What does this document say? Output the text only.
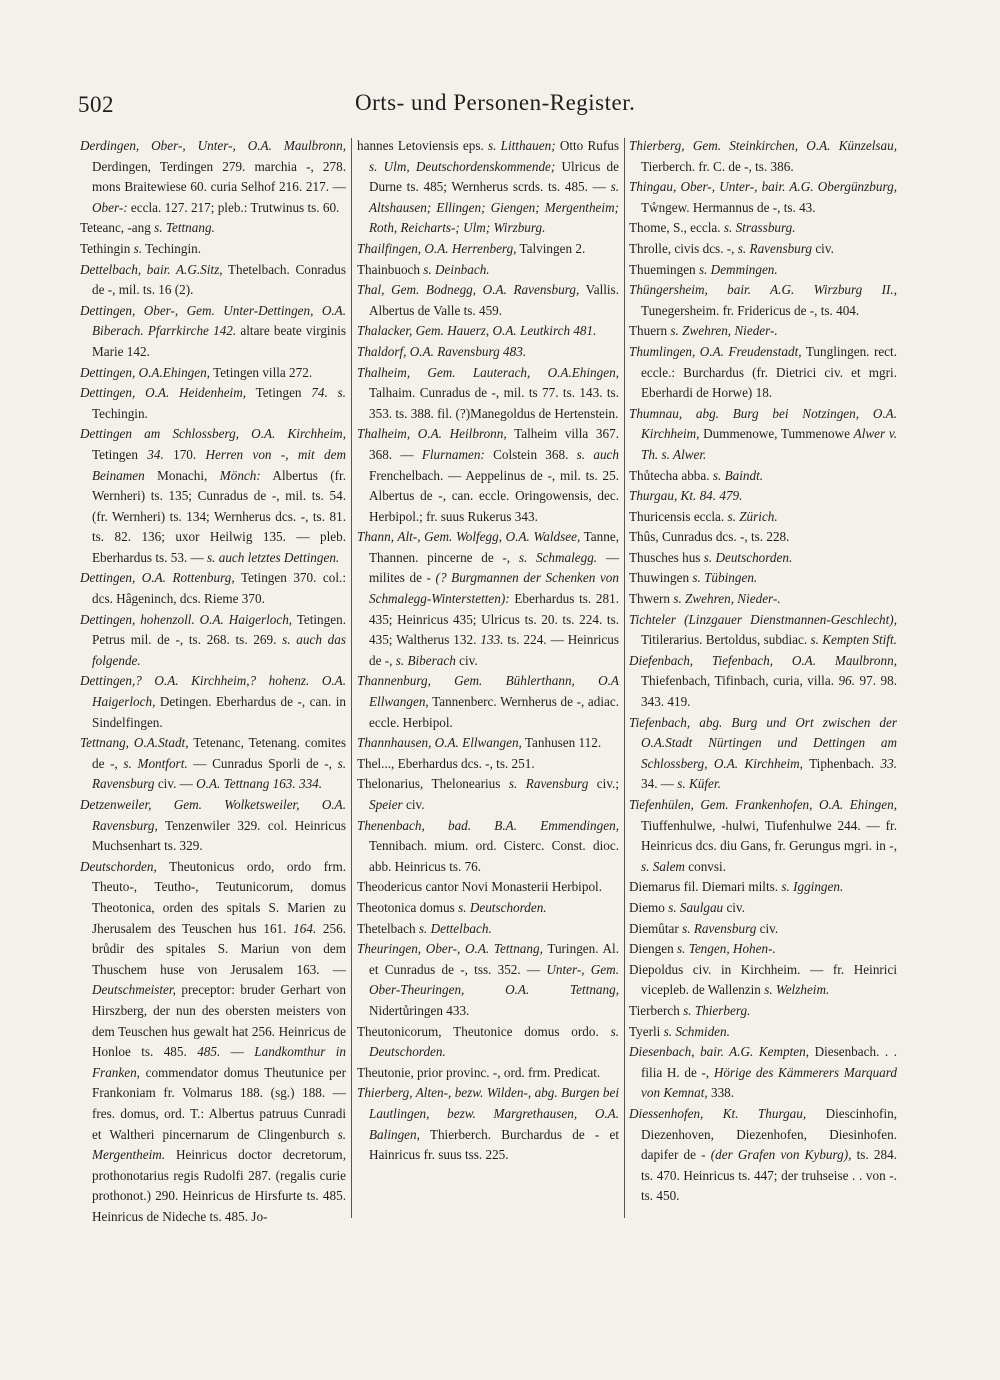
502	Orts- und Personen-Register.

Derdingen, Ober-, Unter-, O.A. Maulbronn, Derdingen, Terdingen 279. marchia -, 278. mons Braitewiese 60. curia Selhof 216. 217. — Ober-: eccla. 127. 217; pleb.: Trutwinus ts. 60.

Teteanc, -ang s. Tettnang.

Tethingin s. Techingin.

Dettelbach, bair. A.G.Sitz, Thetelbach. Conradus de -, mil. ts. 16 (2).

Dettingen, Ober-, Gem. Unter-Dettingen, O.A. Biberach. Pfarrkirche 142. altare beate virginis Marie 142.

Dettingen, O.A.Ehingen, Tetingen villa 272.

Dettingen, O.A. Heidenheim, Tetingen 74. s. Techingin.

Dettingen am Schlossberg, O.A. Kirchheim, Tetingen 34. 170. Herren von -, mit dem Beinamen Monachi, Mönch: Albertus (fr. Wernheri) ts. 135; Cunradus de -, mil. ts. 54. (fr. Wernheri) ts. 134; Wernherus dcs. -, ts. 81. ts. 82. 136; uxor Heilwig 135. — pleb. Eberhardus ts. 53. — s. auch letztes Dettingen.

Dettingen, O.A. Rottenburg, Tetingen 370. col.: dcs. Hâgeninch, dcs. Rieme 370.

Dettingen, hohenzoll. O.A. Haigerloch, Tetingen. Petrus mil. de -, ts. 268. ts. 269. s. auch das folgende.

Dettingen,? O.A. Kirchheim,? hohenz. O.A. Haigerloch, Detingen. Eberhardus de -, can. in Sindelfingen.

Tettnang, O.A.Stadt, Tetenanc, Tetenang. comites de -, s. Montfort. — Cunradus Sporli de -, s. Ravensburg civ. — O.A. Tettnang 163. 334.

Detzenweiler, Gem. Wolketsweiler, O.A. Ravensburg, Tenzenwiler 329. col. Heinricus Muchsenhart ts. 329.

Deutschorden, Theutonicus ordo, ordo frm. Theuto-, Teutho-, Teutunicorum, domus Theotonica, orden des spitals S. Marien zu Jherusalem des Teuschen hus 161. 164. 256. brůdir des spitales S. Mariun von dem Thuschem huse von Jerusalem 163. — Deutschmeister, preceptor: bruder Gerhart von Hirszberg, der nun des obersten meisters von dem Teuschen hus gewalt hat 256. Heinricus de Honloe ts. 485. 485. — Landkomthur in Franken, commendator domus Theutunice per Frankoniam fr. Volmarus 188. (sg.) 188. — fres. domus, ord. T.: Albertus patruus Cunradi et Waltheri pincernarum de Clingenburch s. Mergentheim. Heinricus doctor decretorum, prothonotarius regis Rudolfi 287. (regalis curie prothonot.) 290. Heinricus de Hirsfurte ts. 485. Heinricus de Nideche ts. 485. Jo-

hannes Letoviensis eps. s. Litthauen; Otto Rufus s. Ulm, Deutschordenskommende; Ulricus de Durne ts. 485; Wernherus scrds. ts. 485. — s. Altshausen; Ellingen; Giengen; Mergentheim; Roth, Reicharts-; Ulm; Wirzburg.

Thailfingen, O.A. Herrenberg, Talvingen 2.

Thainbuoch s. Deinbach.

Thal, Gem. Bodnegg, O.A. Ravensburg, Vallis. Albertus de Valle ts. 459.

Thalacker, Gem. Hauerz, O.A. Leutkirch 481.

Thaldorf, O.A. Ravensburg 483.

Thalheim, Gem. Lauterach, O.A.Ehingen, Talhaim. Cunradus de -, mil. ts 77. ts. 143. ts. 353. ts. 388. fil. (?)Manegoldus de Hertenstein.

Thalheim, O.A. Heilbronn, Talheim villa 367. 368. — Flurnamen: Colstein 368. s. auch Frenchelbach. — Aeppelinus de -, mil. ts. 25. Albertus de -, can. eccle. Oringowensis, dec. Herbipol.; fr. suus Rukerus 343.

Thann, Alt-, Gem. Wolfegg, O.A. Waldsee, Tanne, Thannen. pincerne de -, s. Schmalegg. — milites de - (? Burgmannen der Schenken von Schmalegg-Winterstetten): Eberhardus ts. 281. 435; Heinricus 435; Ulricus ts. 20. ts. 224. ts. 435; Waltherus 132. 133. ts. 224. — Heinricus de -, s. Biberach civ.

Thannenburg, Gem. Bühlerthann, O.A Ellwangen, Tannenberc. Wernherus de -, adiac. eccle. Herbipol.

Thannhausen, O.A. Ellwangen, Tanhusen 112.

Thel..., Eberhardus dcs. -, ts. 251.

Thelonarius, Thelonearius s. Ravensburg civ.; Speier civ.

Thenenbach, bad. B.A. Emmendingen, Tennibach. mium. ord. Cisterc. Const. dioc. abb. Heinricus ts. 76.

Theodericus cantor Novi Monasterii Herbipol.

Theotonica domus s. Deutschorden.

Thetelbach s. Dettelbach.

Theuringen, Ober-, O.A. Tettnang, Turingen. Al. et Cunradus de -, tss. 352. — Unter-, Gem. Ober-Theuringen, O.A. Tettnang, Nidertůringen 433.

Theutonicorum, Theutonice domus ordo. s. Deutschorden.

Theutonie, prior provinc. -, ord. frm. Predicat.

Thierberg, Alten-, bezw. Wilden-, abg. Burgen bei Lautlingen, bezw. Margrethausen, O.A. Balingen, Thierberch. Burchardus de - et Hainricus fr. suus tss. 225.

Thierberg, Gem. Steinkirchen, O.A. Künzelsau, Tierberch. fr. C. de -, ts. 386.

Thingau, Ober-, Unter-, bair. A.G. Obergünzburg, Tẘngew. Hermannus de -, ts. 43.

Thome, S., eccla. s. Strassburg.

Throlle, civis dcs. -, s. Ravensburg civ.

Thuemingen s. Demmingen.

Thüngersheim, bair. A.G. Wirzburg II., Tunegersheim. fr. Fridericus de -, ts. 404.

Thuern s. Zwehren, Nieder-.

Thumlingen, O.A. Freudenstadt, Tunglingen. rect. eccle.: Burchardus (fr. Dietrici civ. et mgri. Eberhardi de Horwe) 18.

Thumnau, abg. Burg bei Notzingen, O.A. Kirchheim, Dummenowe, Tummenowe Alwer v. Th. s. Alwer.

Thůtecha abba. s. Baindt.

Thurgau, Kt. 84. 479.

Thuricensis eccla. s. Zürich.

Thûs, Cunradus dcs. -, ts. 228.

Thusches hus s. Deutschorden.

Thuwingen s. Tübingen.

Thwern s. Zwehren, Nieder-.

Tichteler (Linzgauer Dienstmannen-Geschlecht), Titilerarius. Bertoldus, subdiac. s. Kempten Stift.

Diefenbach, Tiefenbach, O.A. Maulbronn, Thiefenbach, Tifinbach, curia, villa. 96. 97. 98. 343. 419.

Tiefenbach, abg. Burg und Ort zwischen der O.A.Stadt Nürtingen und Dettingen am Schlossberg, O.A. Kirchheim, Tiphenbach. 33. 34. — s. Küfer.

Tiefenhülen, Gem. Frankenhofen, O.A. Ehingen, Tiuffenhulwe, -hulwi, Tiufenhulwe 244. — fr. Heinricus dcs. diu Gans, fr. Gerungus mgri. in -, s. Salem convsi.

Diemarus fil. Diemari milts. s. Iggingen.

Diemo s. Saulgau civ.

Diemûtar s. Ravensburg civ.

Diengen s. Tengen, Hohen-.

Diepoldus civ. in Kirchheim. — fr. Heinrici vicepleb. de Wallenzin s. Welzheim.

Tierberch s. Thierberg.

Tyerli s. Schmiden.

Diesenbach, bair. A.G. Kempten, Diesenbach. . . filia H. de -, Hörige des Kämmerers Marquard von Kemnat, 338.

Diessenhofen, Kt. Thurgau, Diescinhofin, Diezenhoven, Diezenhofen, Diesinhofen. dapifer de - (der Grafen von Kyburg), ts. 284. ts. 470. Heinricus ts. 447; der truhseise . . von -. ts. 450.
